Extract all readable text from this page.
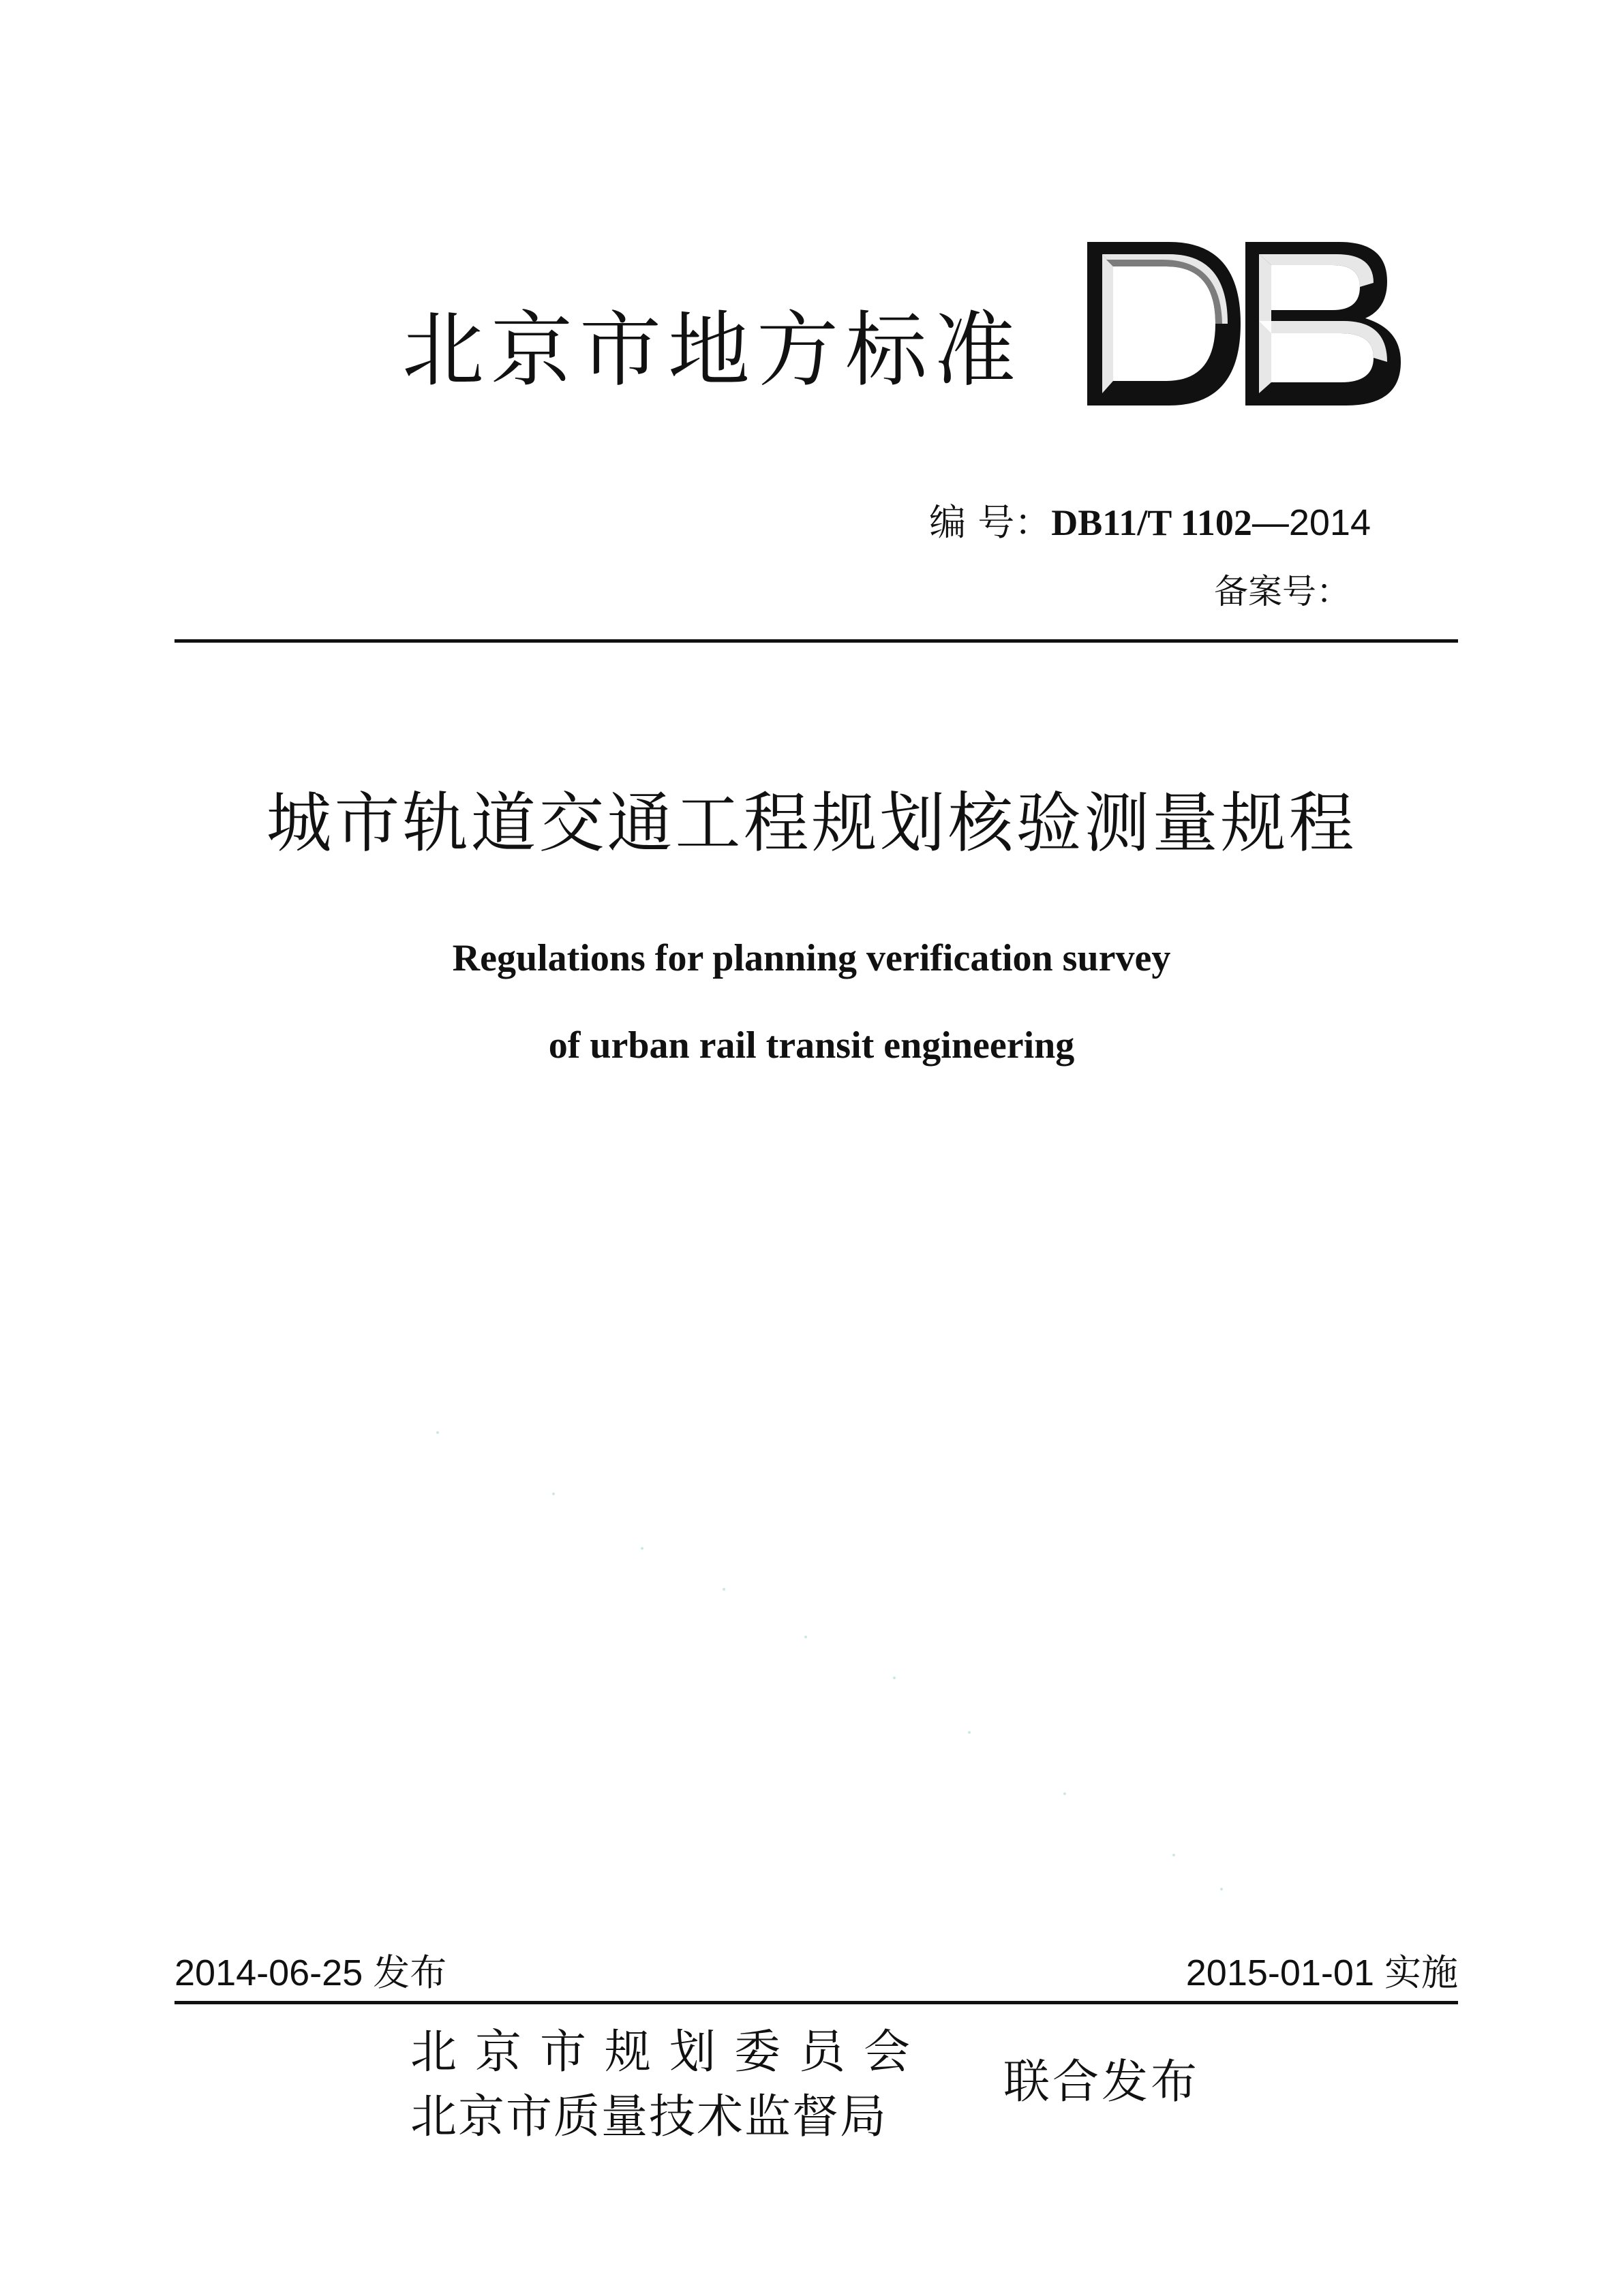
北京市地方标准
编 号：DB11/T 1102—2014
备案号：
城市轨道交通工程规划核验测量规程
Regulations for planning verification survey
of urban rail transit engineering
2014-06-25 发布	2015-01-01 实施
北京市规划委员会
北京市质量技术监督局
联合发布
